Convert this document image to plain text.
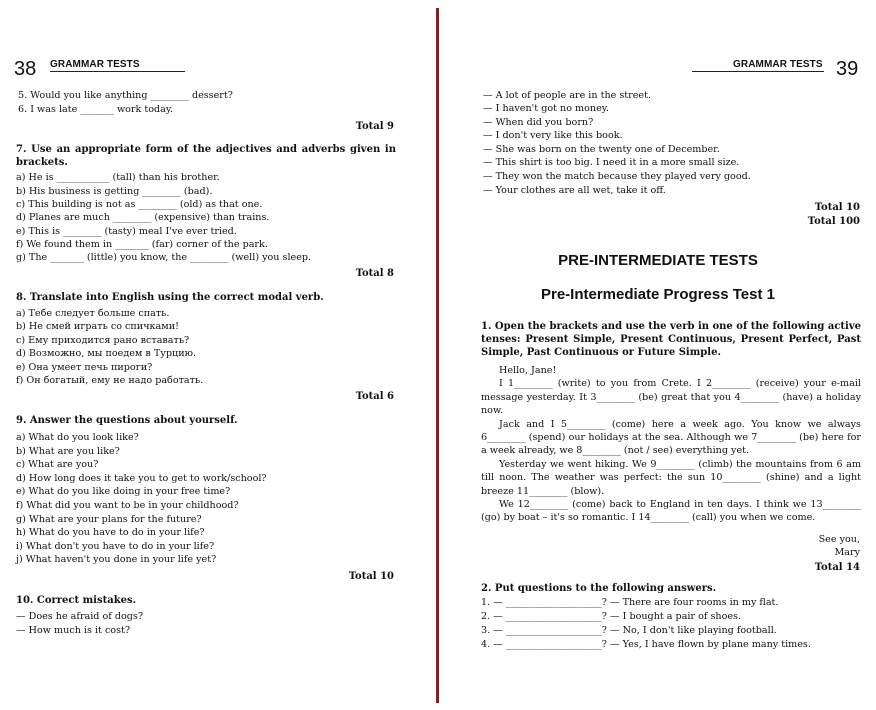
38 GRAMMAR TESTS
5. Would you like anything ________ dessert?
6. I was late _______ work today.
Total 9
7. Use an appropriate form of the adjectives and adverbs given in brackets.
a) He is ___________ (tall) than his brother.
b) His business is getting ________ (bad).
c) This building is not as ________ (old) as that one.
d) Planes are much ________ (expensive) than trains.
e) This is ________ (tasty) meal I've ever tried.
f) We found them in _______ (far) corner of the park.
g) The _______ (little) you know, the ________ (well) you sleep.
Total 8
8. Translate into English using the correct modal verb.
a) Тебе следует больше спать.
b) Не смей играть со спичками!
c) Ему приходится рано вставать?
d) Возможно, мы поедем в Турцию.
e) Она умеет печь пироги?
f) Он богатый, ему не надо работать.
Total 6
9. Answer the questions about yourself.
a) What do you look like?
b) What are you like?
c) What are you?
d) How long does it take you to get to work/school?
e) What do you like doing in your free time?
f) What did you want to be in your childhood?
g) What are your plans for the future?
h) What do you have to do in your life?
i) What don't you have to do in your life?
j) What haven't you done in your life yet?
Total 10
10. Correct mistakes.
— Does he afraid of dogs?
— How much is it cost?
GRAMMAR TESTS 39
— A lot of people are in the street.
— I haven't got no money.
— When did you born?
— I don't very like this book.
— She was born on the twenty one of December.
— This shirt is too big. I need it in a more small size.
— They won the match because they played very good.
— Your clothes are all wet, take it off.
Total 10
Total 100
PRE-INTERMEDIATE TESTS
Pre-Intermediate Progress Test 1
1. Open the brackets and use the verb in one of the following active tenses: Present Simple, Present Continuous, Present Perfect, Past Simple, Past Continuous or Future Simple.

Hello, Jane!

I 1________ (write) to you from Crete. I 2________ (receive) your e-mail message yesterday. It 3________ (be) great that you 4________ (have) a holiday now.

Jack and I 5________ (come) here a week ago. You know we always 6________ (spend) our holidays at the sea. Although we 7________ (be) here for a week already, we 8________ (not / see) everything yet.

Yesterday we went hiking. We 9________ (climb) the mountains from 6 am till noon. The weather was perfect: the sun 10________ (shine) and a light breeze 11________ (blow).

We 12________ (come) back to England in ten days. I think we 13________ (go) by boat – it's so romantic. I 14________ (call) you when we come.

See you,
Mary
Total 14
2. Put questions to the following answers.
1. — ____________________? — There are four rooms in my flat.
2. — ____________________? — I bought a pair of shoes.
3. — ____________________? — No, I don't like playing football.
4. — ____________________? — Yes, I have flown by plane many times.
